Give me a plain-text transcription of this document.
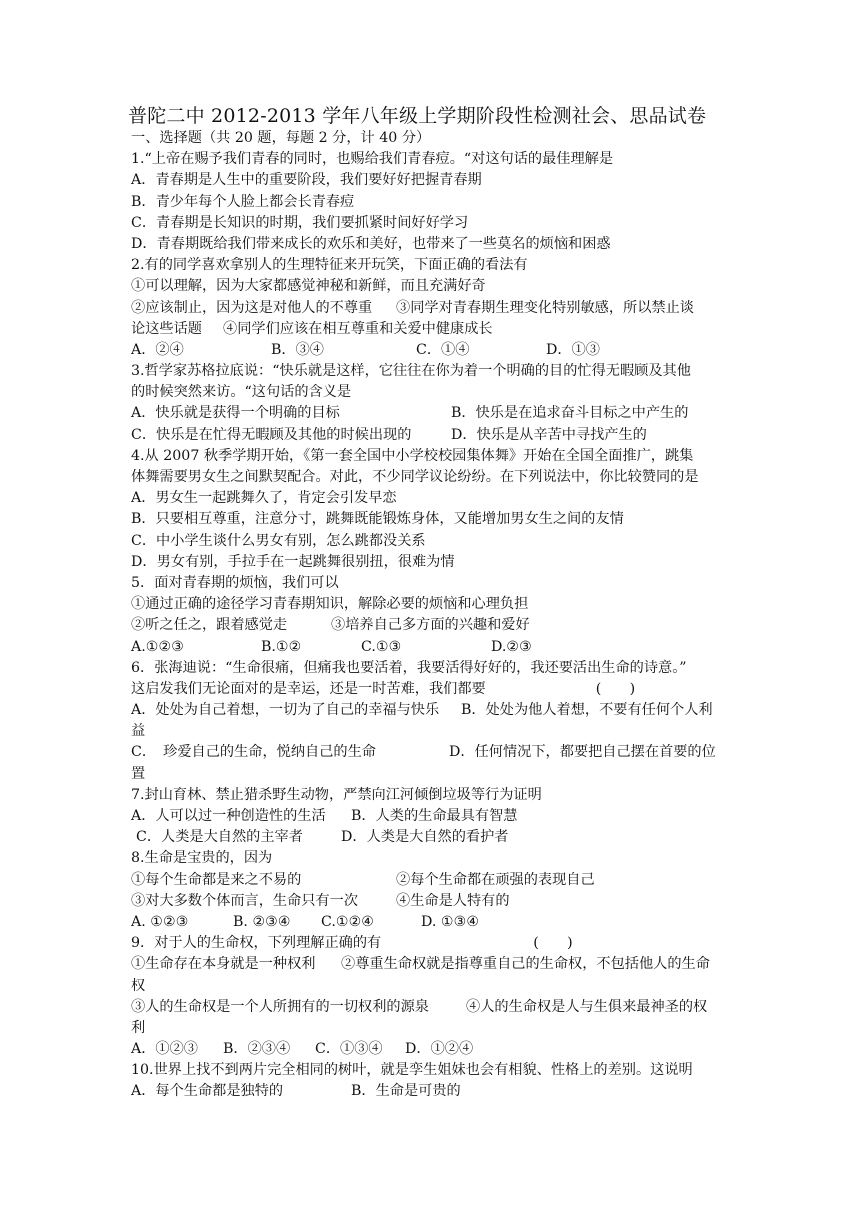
普陀二中 2012-2013 学年八年级上学期阶段性检测社会、思品试卷
一、选择题（共 20 题，每题 2 分，计 40 分）
1.“上帝在赐予我们青春的同时，也赐给我们青春痘。“对这句话的最佳理解是
A．青春期是人生中的重要阶段，我们要好好把握青春期
B．青少年每个人脸上都会长青春痘
C．青春期是长知识的时期，我们要抓紧时间好好学习
D．青春期既给我们带来成长的欢乐和美好，也带来了一些莫名的烦恼和困惑
2.有的同学喜欢拿别人的生理特征来开玩笑，下面正确的看法有
①可以理解，因为大家都感觉神秘和新鲜，而且充满好奇
②应该制止，因为这是对他人的不尊重 ③同学对青春期生理变化特别敏感，所以禁止谈
论这些话题 ④同学们应该在相互尊重和关爱中健康成长
A．②④	B．③④	C．①④	D．①③
3.哲学家苏格拉底说：“快乐就是这样，它往往在你为着一个明确的目的忙得无暇顾及其他
的时候突然来访。“这句话的含义是
A．快乐就是获得一个明确的目标	B．快乐是在追求奋斗目标之中产生的
C．快乐是在忙得无暇顾及其他的时候出现的	D．快乐是从辛苦中寻找产生的
4.从 2007 秋季学期开始，《第一套全国中小学校校园集体舞》开始在全国全面推广，跳集
体舞需要男女生之间默契配合。对此，不少同学议论纷纷。在下列说法中，你比较赞同的是
A．男女生一起跳舞久了，肯定会引发早恋
B．只要相互尊重，注意分寸，跳舞既能锻炼身体，又能增加男女生之间的友情
C．中小学生谈什么男女有别，怎么跳都没关系
D．男女有别，手拉手在一起跳舞很别扭，很难为情
5．面对青春期的烦恼，我们可以
①通过正确的途径学习青春期知识，解除必要的烦恼和心理负担
②听之任之，跟着感觉走	③培养自己多方面的兴趣和爱好
A.①②③	B.①②	C.①③	D.②③
6．张海迪说：“生命很痛，但痛我也要活着，我要活得好好的，我还要活出生命的诗意。”
这启发我们无论面对的是幸运，还是一时苦难，我们都要	(　　)
A．处处为自己着想，一切为了自己的幸福与快乐 B．处处为他人着想，不要有任何个人利
益
C．　珍爱自己的生命，悦纳自己的生命	D．任何情况下，都要把自己摆在首要的位
置
7.封山育林、禁止猎杀野生动物，严禁向江河倾倒垃圾等行为证明
A．人可以过一种创造性的生活 B．人类的生命最具有智慧
C．人类是大自然的主宰者	D．人类是大自然的看护者
8.生命是宝贵的，因为
①每个生命都是来之不易的	②每个生命都在顽强的表现自己
③对大多数个体而言，生命只有一次	④生命是人特有的
A. ①②③	B. ②③④ C.①②④	D. ①③④
9．对于人的生命权，下列理解正确的有	(　　)
①生命存在本身就是一种权利 ②尊重生命权就是指尊重自己的生命权，不包括他人的生命
权
③人的生命权是一个人所拥有的一切权利的源泉	④人的生命权是人与生俱来最神圣的权
利
A．①②③ B．②③④ C．①③④ D．①②④
10.世界上找不到两片完全相同的树叶，就是孪生姐妹也会有相貌、性格上的差别。这说明
A．每个生命都是独特的	B．生命是可贵的
